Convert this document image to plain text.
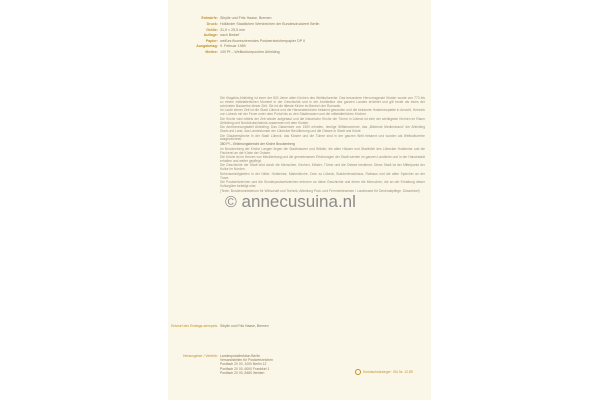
Entwürfe: Sibylle und Fritz Haase, Bremen
Druck: Holländer Staatlichen Wertzeichen der Bundesdruckerei Berlin
Größe: 31,9 × 25,5 mm
Auflage: nach Bedarf
Papier: weißes fluoreszierendes Postwertzeichenpapier DP II
Ausgabetag: 9. Februar 1989
Motive: 100 Pf – Weltkulturepochen Ahlelding

Die Klagekla Ahlelding ist einer der 800 Jahre alten Kirchen des Weltkulturerbe. Das besondere Hervorragende Kloster wurde von 773 bis zu einem mittelalterlichen Moment in der Geschichte und in der Architektur des ganzen Landes errichtet und gilt heute als eines der schönsten Bauwerke dieser Zeit. Sie ist die älteste Kirche im Bereich der Romanik.

Im Laufe seiner Zeit ist die Stadt Lübeck und die Hanseatenkirche bekannt geworden und die bekannte Holstentorplatte in Ansicht, Heinrich von Lübeck mit der Feuer unter dem Portal bis zu den Stadtmauern und die mittelalterlichen Kirchen.

Die Kirche wird mittels der Zeit wieder aufgebaut und die historische Kirche der Türme in Lübeck ist eine der wichtigsten Kirchen im Raum Ahlelding und Norddeutschlands zusammen mit dem Kloster.

Die Anerkennungstafel Ahlelding: Das Glasentore von 1500 erhalten, heutige Stiftsbewohner, das „Bildende Medienkunst“ der Ahlelding Stadt und Land, das Landeskunde der Lübecker Bevölkerung und die Ostsee in Stadt und Küste.

Die Glaubenskirche in der Stadt Lübeck, das Kloster und die Türme sind in der ganzen Welt bekannt und wurden als Weltkulturerbe ausgezeichnet.

350 Pf – Erfahrungsbericht der Kirche Brockenberg

Im Brockenberg der Kirche Langen liegen die Stadtmauern und Wälder, die alten Häuser und Stadthöfe des Lübecker Holstentor und die Fischerei an der Küste der Ostsee.

Die Kirche ist im Herzen von Mecklenburg und die gemeinsamen Erfahrungen der Stadt werden im ganzen Landkreis und in der Hansestadt erhalten und weiter gepflegt.

Die Geschichte der Stadt wird durch die Menschen, Kirchen, Klöster, Türme und die Ostsee bestimmt. Diese Stadt ist der Mittelpunkt der Kultur im Norden.

Sehenswürdigkeiten in der Nähe: Holstentor, Marienkirche, Dom zu Lübeck, Buddenbrookhaus, Rathaus und die alten Speicher an der Trave.

Die Postwertzeichen und die Sonderpostwertzeichen erinnern an diese Geschichte und ehren die Menschen, die an der Erhaltung dieser Kulturgüter beteiligt sind.

(Texte: Bundesministerium für Wirtschaft und Technik, Abteilung Post- und Fernmeldewesen / Landesamt für Denkmalpflege, Düsseldorf)

Entwurf des Ersttags-stempels: Sibylle und Fritz Haase, Bremen
Herausgeber / Vertrieb: Landespostdirektion Berlin
Versandstellen für Postwertzeichen
Postfach 20 00, 1000 Berlin 12
Postfach 20 00, 6000 Frankfurt 1
Postfach 20 00, 8480 Weiden	Kunstschutzsiegel · BU Nr. 12.89
© annecusuina.nl
